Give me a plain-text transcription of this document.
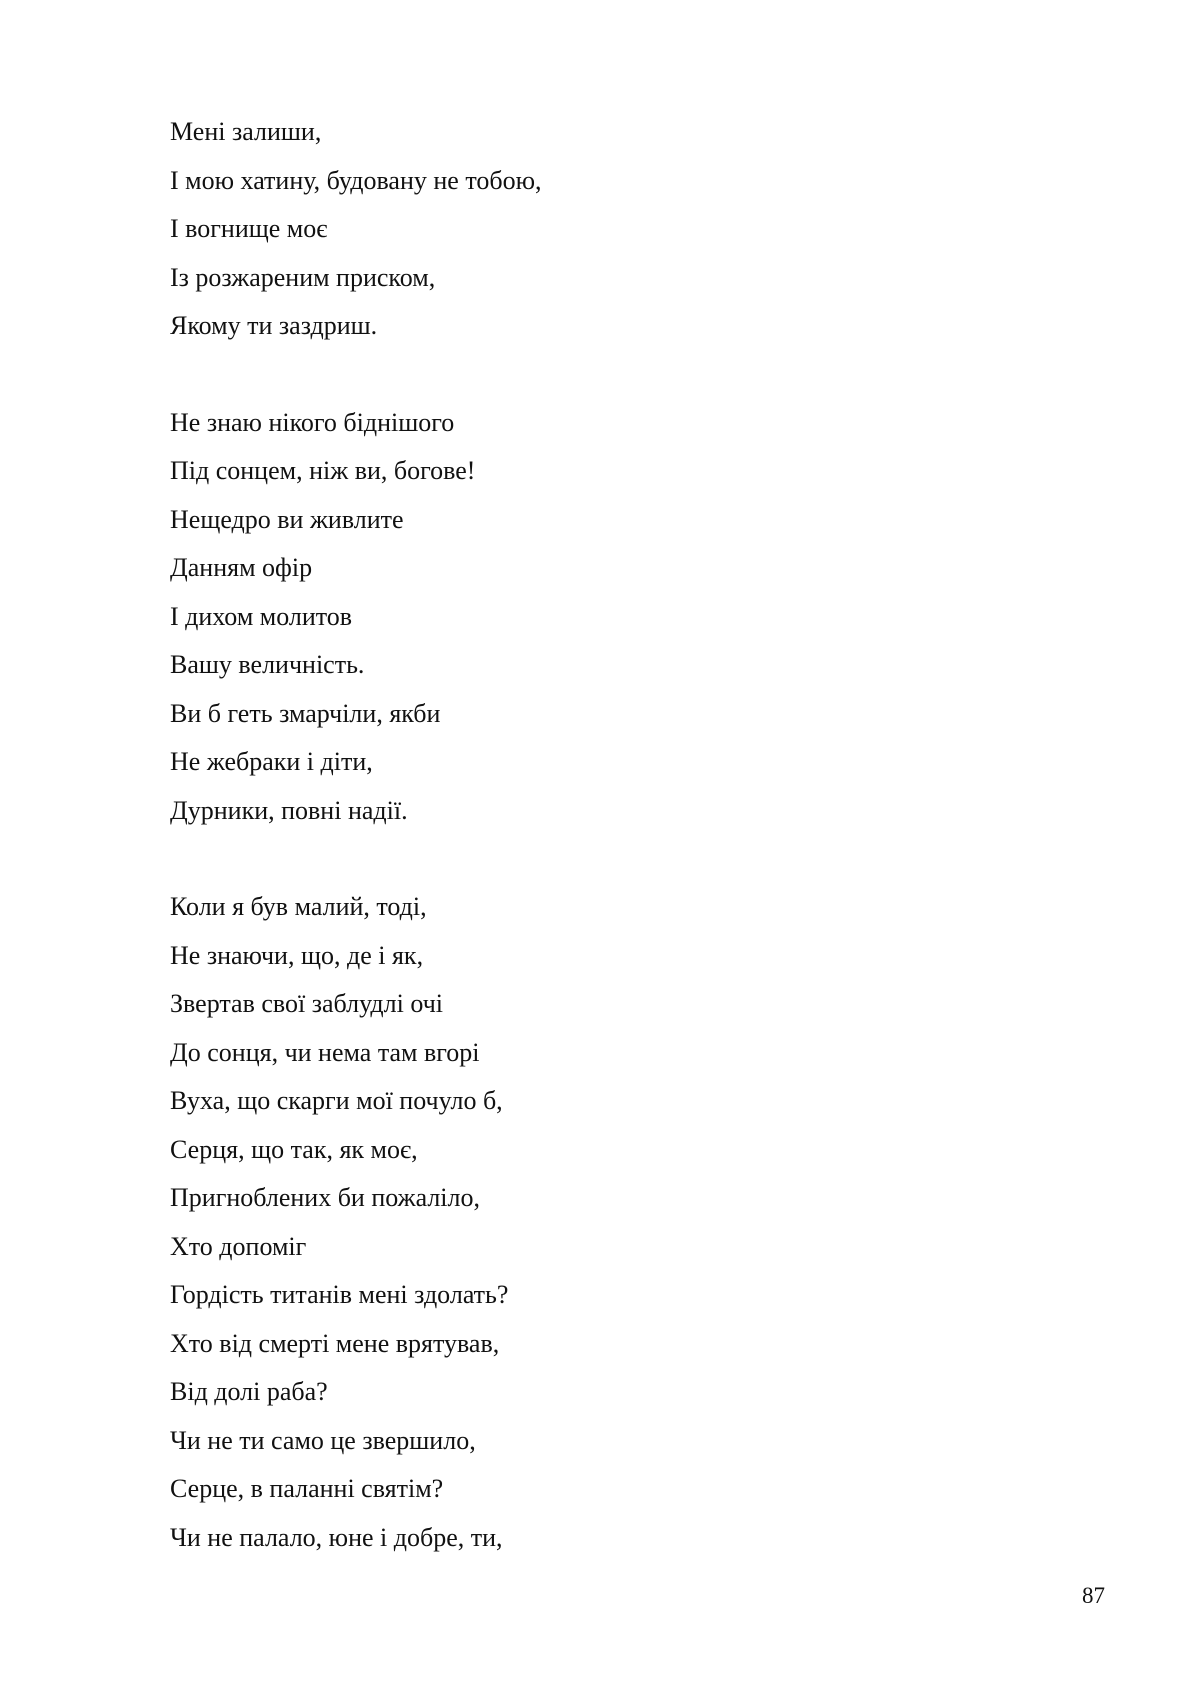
Мені залиши,
І мою хатину, будовану не тобою,
І вогнище моє
Із розжареним приском,
Якому ти заздриш.
Не знаю нікого біднішого
Під сонцем, ніж ви, богове!
Нещедро ви живлите
Данням офір
І дихом молитов
Вашу величність.
Ви б геть змарчіли, якби
Не жебраки і діти,
Дурники, повні надії.
Коли я був малий, тоді,
Не знаючи, що, де і як,
Звертав свої заблудлі очі
До сонця, чи нема там вгорі
Вуха, що скарги мої почуло б,
Серця, що так, як моє,
Пригноблених би пожаліло,
Хто допоміг
Гордість титанів мені здолать?
Хто від смерті мене врятував,
Від долі раба?
Чи не ти само це звершило,
Серце, в паланні святім?
Чи не палало, юне і добре, ти,
87
